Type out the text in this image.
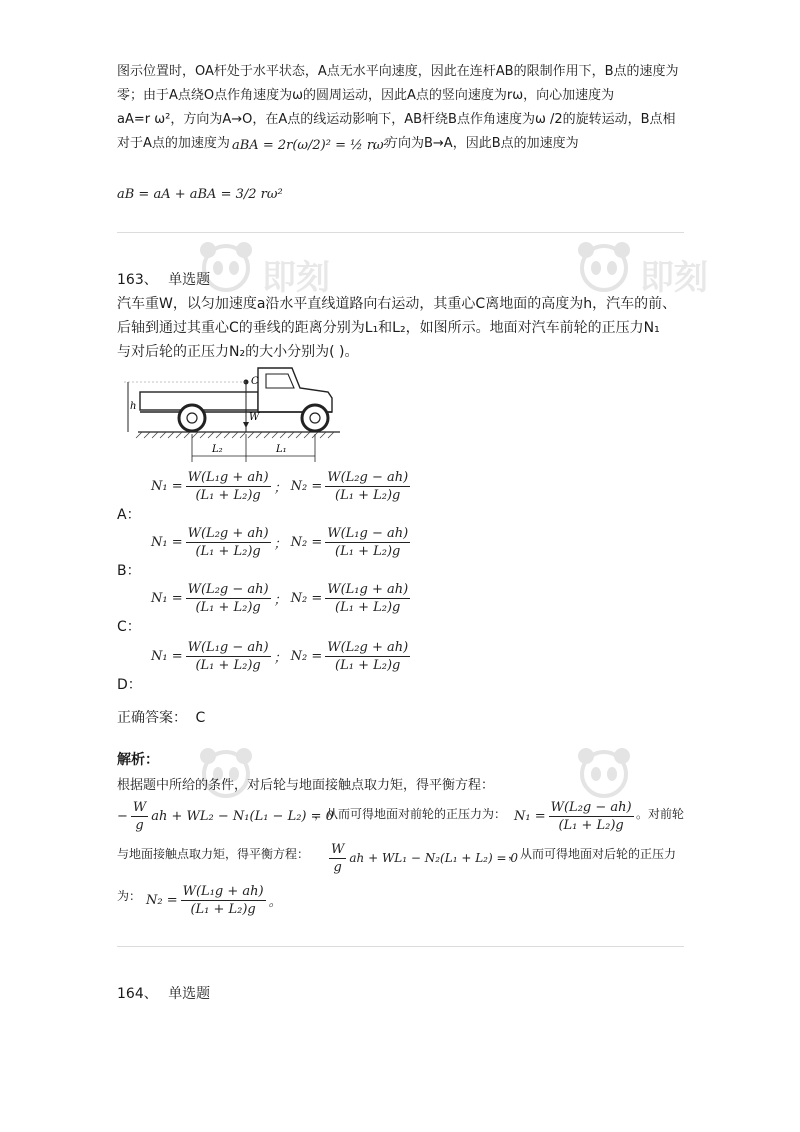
图示位置时，OA杆处于水平状态，A点无水平向速度，因此在连杆AB的限制作用下，B点的速度为
零；由于A点绕O点作角速度为ω的圆周运动，因此A点的竖向速度为rω，向心加速度为
aA=r ω²，方向为A→O，在A点的线运动影响下，AB杆绕B点作角速度为ω /2的旋转运动，B点相
对于A点的加速度为 aBA = 2r(ω/2)² = ½ rω²
，方向为B→A，因此B点的加速度为
aB = aA + aBA = 3/2 rω²
即刻	即刻
163、 单选题
汽车重W，以匀加速度a沿水平直线道路向右运动，其重心C离地面的高度为h，汽车的前、
后轴到通过其重心C的垂线的距离分别为L₁和L₂，如图所示。地面对汽车前轮的正压力N₁
与对后轮的正压力N₂的大小分别为( )。
C
W
h
L₂	L₁
$N_1 = \frac{\text{W(L₁g + ah)}}{\text{(L₁ + L₂)g}}$ ； $N_2 = \frac{\text{W(L₂g − ah)}}{\text{(L₁ + L₂)g}}$
A：
$N_1 = \frac{\text{W(L₂g + ah)}}{\text{(L₁ + L₂)g}}$ ； $N_2 = \frac{\text{W(L₁g − ah)}}{\text{(L₁ + L₂)g}}$
B：
$N_1 = \frac{\text{W(L₂g − ah)}}{\text{(L₁ + L₂)g}}$ ； $N_2 = \frac{\text{W(L₁g + ah)}}{\text{(L₁ + L₂)g}}$
C：
$N_1 = \frac{\text{W(L₁g − ah)}}{\text{(L₁ + L₂)g}}$ ； $N_2 = \frac{\text{W(L₂g + ah)}}{\text{(L₁ + L₂)g}}$
D：
正确答案： C
解析：
根据题中所给的条件，对后轮与地面接触点取力矩，得平衡方程：
− $\frac{W}{g}$ ah + WL₂ − N₁(L₁ − L₂) = 0
，从而可得地面对前轮的正压力为： $N_1 = \frac{\text{W(L₂g − ah)}}{\text{(L₁ + L₂)g}}$ 。对前轮
与地面接触点取力矩，得平衡方程： $\frac{W}{g}$ ah + WL₁ − N₂(L₁ + L₂) = 0
，从而可得地面对后轮的正压力
为： $N_2 = \frac{\text{W(L₁g + ah)}}{\text{(L₁ + L₂)g}}$ 。
164、 单选题
